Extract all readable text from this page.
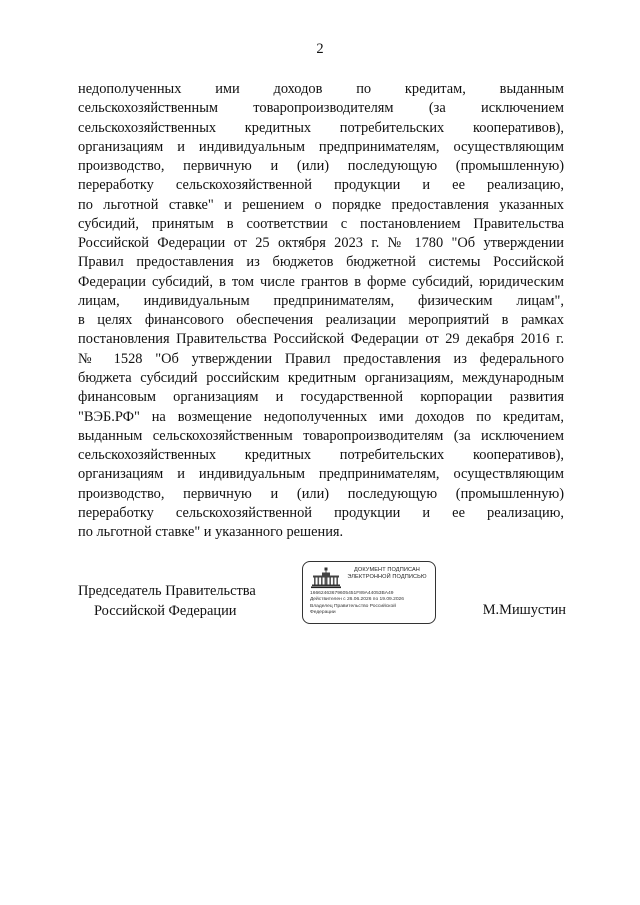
2
недополученных ими доходов по кредитам, выданным
сельскохозяйственным товаропроизводителям (за исключением
сельскохозяйственных кредитных потребительских кооперативов),
организациям и индивидуальным предпринимателям, осуществляющим
производство, первичную и (или) последующую (промышленную)
переработку сельскохозяйственной продукции и ее реализацию,
по льготной ставке" и решением о порядке предоставления указанных
субсидий, принятым в соответствии с постановлением Правительства
Российской Федерации от 25 октября 2023 г. № 1780 "Об утверждении
Правил предоставления из бюджетов бюджетной системы Российской
Федерации субсидий, в том числе грантов в форме субсидий, юридическим
лицам, индивидуальным предпринимателям, физическим лицам",
в целях финансового обеспечения реализации мероприятий в рамках
постановления Правительства Российской Федерации от 29 декабря 2016 г.
№ 1528 "Об утверждении Правил предоставления из федерального
бюджета субсидий российским кредитным организациям, международным
финансовым организациям и государственной корпорации развития
"ВЭБ.РФ" на возмещение недополученных ими доходов по кредитам,
выданным сельскохозяйственным товаропроизводителям (за исключением
сельскохозяйственных кредитных потребительских кооперативов),
организациям и индивидуальным предпринимателям, осуществляющим
производство, первичную и (или) последующую (промышленную)
переработку сельскохозяйственной продукции и ее реализацию,
по льготной ставке" и указанного решения.
Председатель Правительства
Российской Федерации
ДОКУМЕНТ ПОДПИСАН
ЭЛЕКТРОННОЙ ПОДПИСЬЮ
16662463679605451F89A44053BA49
Действителен с 26.06.2026 по 19.09.2026
Владелец Правительство Российской
Федерации	М.Мишустин
